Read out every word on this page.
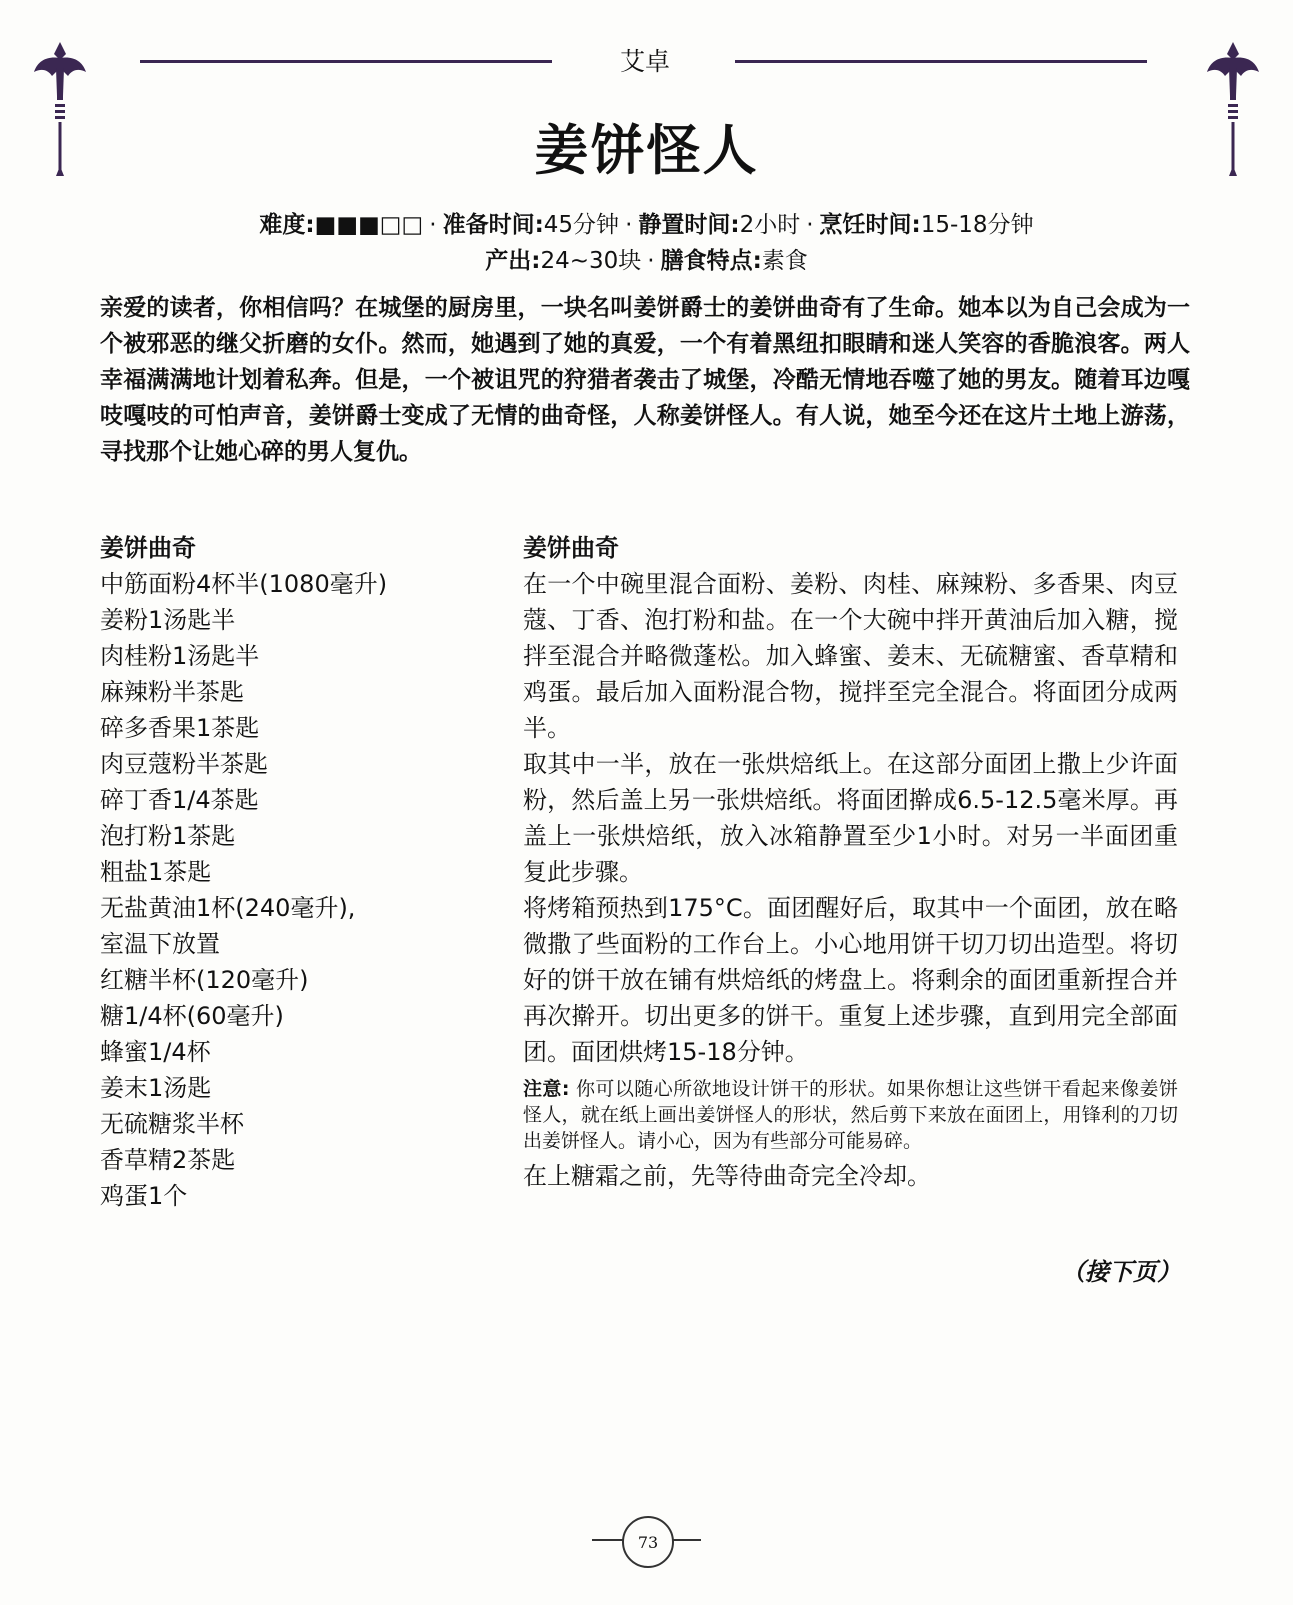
艾卓
姜饼怪人
难度:■■■□□ · 准备时间:45分钟 · 静置时间:2小时 · 烹饪时间:15-18分钟
产出:24~30块 · 膳食特点:素食
亲爱的读者，你相信吗？在城堡的厨房里，一块名叫姜饼爵士的姜饼曲奇有了生命。她本以为自己会成为一个被邪恶的继父折磨的女仆。然而，她遇到了她的真爱，一个有着黑纽扣眼睛和迷人笑容的香脆浪客。两人幸福满满地计划着私奔。但是，一个被诅咒的狩猎者袭击了城堡，冷酷无情地吞噬了她的男友。随着耳边嘎吱嘎吱的可怕声音，姜饼爵士变成了无情的曲奇怪，人称姜饼怪人。有人说，她至今还在这片土地上游荡，寻找那个让她心碎的男人复仇。
姜饼曲奇
中筋面粉4杯半(1080毫升)
姜粉1汤匙半
肉桂粉1汤匙半
麻辣粉半茶匙
碎多香果1茶匙
肉豆蔻粉半茶匙
碎丁香1/4茶匙
泡打粉1茶匙
粗盐1茶匙
无盐黄油1杯(240毫升),
室温下放置
红糖半杯(120毫升)
糖1/4杯(60毫升)
蜂蜜1/4杯
姜末1汤匙
无硫糖浆半杯
香草精2茶匙
鸡蛋1个
姜饼曲奇
在一个中碗里混合面粉、姜粉、肉桂、麻辣粉、多香果、肉豆蔻、丁香、泡打粉和盐。在一个大碗中拌开黄油后加入糖，搅拌至混合并略微蓬松。加入蜂蜜、姜末、无硫糖蜜、香草精和鸡蛋。最后加入面粉混合物，搅拌至完全混合。将面团分成两半。
取其中一半，放在一张烘焙纸上。在这部分面团上撒上少许面粉，然后盖上另一张烘焙纸。将面团擀成6.5-12.5毫米厚。再盖上一张烘焙纸，放入冰箱静置至少1小时。对另一半面团重复此步骤。
将烤箱预热到175°C。面团醒好后，取其中一个面团，放在略微撒了些面粉的工作台上。小心地用饼干切刀切出造型。将切好的饼干放在铺有烘焙纸的烤盘上。将剩余的面团重新捏合并再次擀开。切出更多的饼干。重复上述步骤，直到用完全部面团。面团烘烤15-18分钟。
注意: 你可以随心所欲地设计饼干的形状。如果你想让这些饼干看起来像姜饼怪人，就在纸上画出姜饼怪人的形状，然后剪下来放在面团上，用锋利的刀切出姜饼怪人。请小心，因为有些部分可能易碎。
在上糖霜之前，先等待曲奇完全冷却。
（接下页）
73
